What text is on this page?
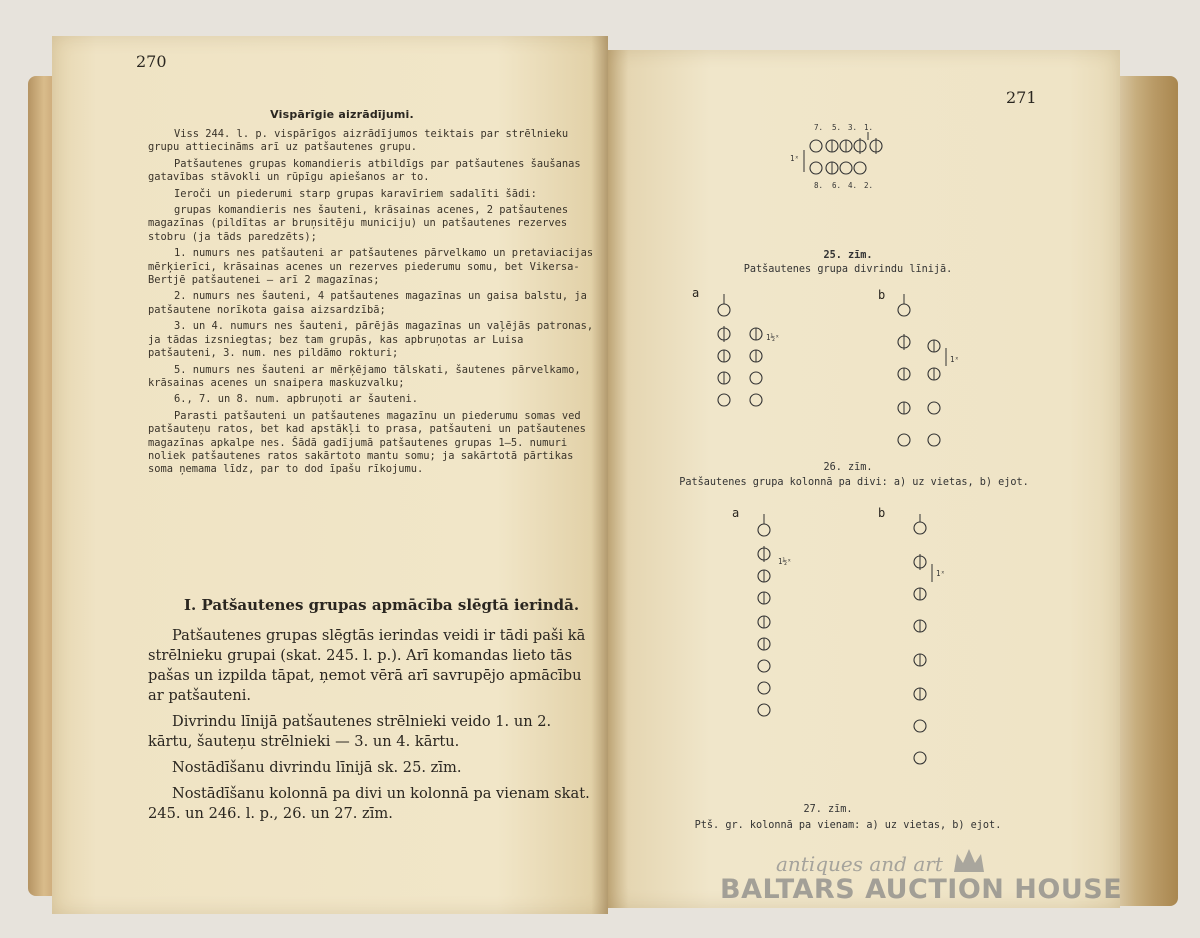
270
Vispārīgie aizrādījumi.

Viss 244. l. p. vispārīgos aizrādījumos teiktais par strēlnieku grupu attiecināms arī uz patšautenes grupu.

Patšautenes grupas komandieris atbildīgs par patšautenes šaušanas gatavības stāvokli un rūpīgu apiešanos ar to.

Ieroči un piederumi starp grupas karavīriem sadalīti šādi:

grupas komandieris nes šauteni, krāsainas acenes, 2 patšautenes magazīnas (pildītas ar bruņsitēju municiju) un patšautenes rezerves stobru (ja tāds paredzēts);

1. numurs nes patšauteni ar patšautenes pārvelkamo un pretaviacijas mērķierīci, krāsainas acenes un rezerves piederumu somu, bet Vikersa-Bertjē patšautenei — arī 2 magazīnas;

2. numurs nes šauteni, 4 patšautenes magazīnas un gaisa balstu, ja patšautene norīkota gaisa aizsardzībā;

3. un 4. numurs nes šauteni, pārējās magazīnas un vaļējās patronas, ja tādas izsniegtas; bez tam grupās, kas apbruņotas ar Luisa patšauteni, 3. num. nes pildāmo rokturi;

5. numurs nes šauteni ar mērķējamo tālskati, šautenes pārvelkamo, krāsainas acenes un snaipera maskuzvalku;

6., 7. un 8. num. apbruņoti ar šauteni.

Parasti patšauteni un patšautenes magazīnu un piederumu somas ved patšauteņu ratos, bet kad apstākļi to prasa, patšauteni un patšautenes magazīnas apkalpe nes. Šādā gadījumā patšautenes grupas 1—5. numuri noliek patšautenes ratos sakārtoto mantu somu; ja sakārtotā pārtikas soma ņemama līdz, par to dod īpašu rīkojumu.

I. Patšautenes grupas apmācība slēgtā ierindā.

Patšautenes grupas slēgtās ierindas veidi ir tādi paši kā strēlnieku grupai (skat. 245. l. p.). Arī komandas lieto tās pašas un izpilda tāpat, ņemot vērā arī savrupējo apmācību ar patšauteni.

Divrindu līnijā patšautenes strēlnieki veido 1. un 2. kārtu, šauteņu strēlnieki — 3. un 4. kārtu.

Nostādīšanu divrindu līnijā sk. 25. zīm.

Nostādīšanu kolonnā pa divi un kolonnā pa vienam skat. 245. un 246. l. p., 26. un 27. zīm.

271
7. 5. 3. 1.
1ˣ
8. 6. 4. 2.
25. zīm.
Patšautenes grupa divrindu līnijā.
a	b
1½ˣ
1ˣ
26. zīm.
Patšautenes grupa kolonnā pa divi: a) uz vietas, b) ejot.
a	b
1½ˣ
1ˣ
27. zīm.
Ptš. gr. kolonnā pa vienam: a) uz vietas, b) ejot.
antiques and art
BALTARS AUCTION HOUSE
